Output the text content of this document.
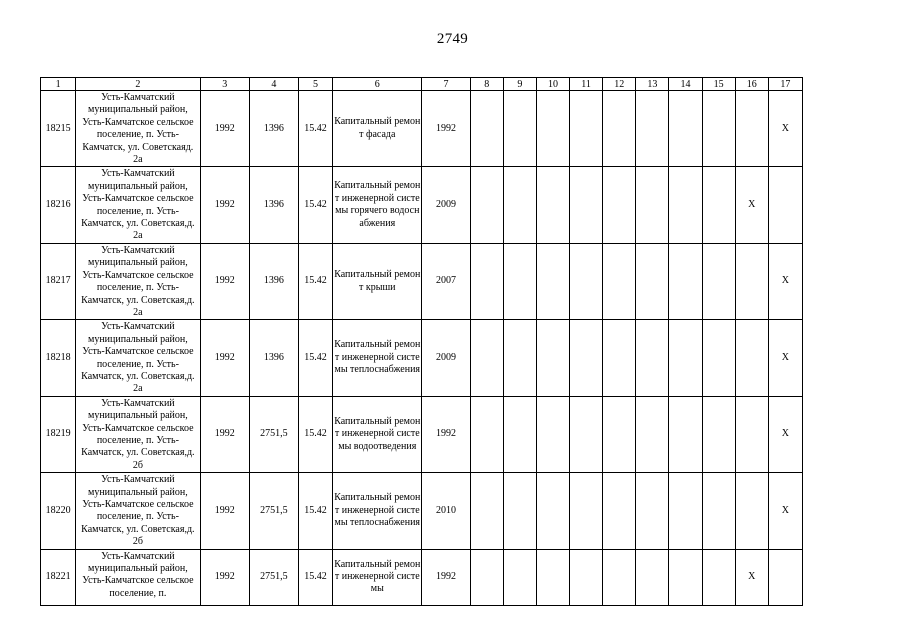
2749
1	2	3	4	5	6	7	8	9	10	11	12	13	14	15	16	17
18215	Усть-Камчатский муниципальный район, Усть-Камчатское сельское поселение, п. Усть-Камчатск, ул. Советскаяд. 2а	1992	1396	15.42	Капитальный ремонт фасада	1992										X
18216	Усть-Камчатский муниципальный район, Усть-Камчатское сельское поселение, п. Усть-Камчатск, ул. Советская,д. 2а	1992	1396	15.42	Капитальный ремонт инженерной системы горячего водоснабжения	2009									X	
18217	Усть-Камчатский муниципальный район, Усть-Камчатское сельское поселение, п. Усть-Камчатск, ул. Советская,д. 2а	1992	1396	15.42	Капитальный ремонт крыши	2007										X
18218	Усть-Камчатский муниципальный район, Усть-Камчатское сельское поселение, п. Усть-Камчатск, ул. Советская,д. 2а	1992	1396	15.42	Капитальный ремонт инженерной системы теплоснабжения	2009										X
18219	Усть-Камчатский муниципальный район, Усть-Камчатское сельское поселение, п. Усть-Камчатск, ул. Советская,д. 2б	1992	2751,5	15.42	Капитальный ремонт инженерной системы водоотведения	1992										X
18220	Усть-Камчатский муниципальный район, Усть-Камчатское сельское поселение, п. Усть-Камчатск, ул. Советская,д. 2б	1992	2751,5	15.42	Капитальный ремонт инженерной системы теплоснабжения	2010										X
18221	Усть-Камчатский муниципальный район, Усть-Камчатское сельское поселение, п.	1992	2751,5	15.42	Капитальный ремонт инженерной системы	1992									X	
